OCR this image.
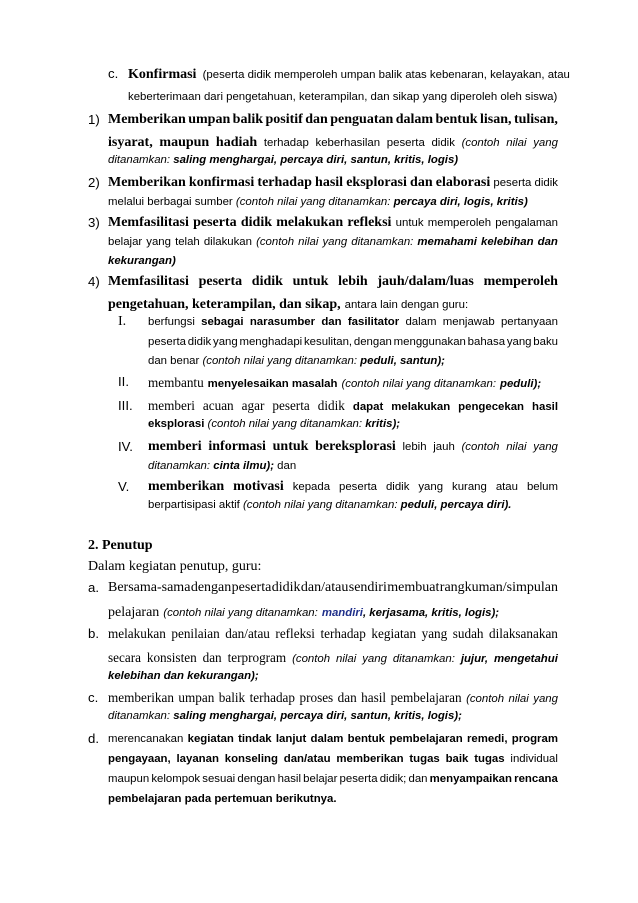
c. Konfirmasi (peserta didik memperoleh umpan balik atas kebenaran, kelayakan, atau
keberterimaan dari pengetahuan, keterampilan, dan sikap yang diperoleh oleh siswa)
1) Memberikan umpan balik positif dan penguatan dalam bentuk lisan, tulisan,
isyarat, maupun hadiah terhadap keberhasilan peserta didik (contoh nilai yang
ditanamkan: saling menghargai, percaya diri, santun, kritis, logis)
2) Memberikan konfirmasi terhadap hasil eksplorasi dan elaborasi peserta didik
melalui berbagai sumber (contoh nilai yang ditanamkan: percaya diri, logis, kritis)
3) Memfasilitasi peserta didik melakukan refleksi untuk memperoleh pengalaman
belajar yang telah dilakukan (contoh nilai yang ditanamkan: memahami kelebihan dan
kekurangan)
4) Memfasilitasi peserta didik untuk lebih jauh/dalam/luas memperoleh
pengetahuan, keterampilan, dan sikap, antara lain dengan guru:
I. berfungsi sebagai narasumber dan fasilitator dalam menjawab pertanyaan
peserta didik yang menghadapi kesulitan, dengan menggunakan bahasa yang baku
dan benar (contoh nilai yang ditanamkan: peduli, santun);
II. membantu menyelesaikan masalah (contoh nilai yang ditanamkan: peduli);
III. memberi acuan agar peserta didik dapat melakukan pengecekan hasil
eksplorasi (contoh nilai yang ditanamkan: kritis);
IV. memberi informasi untuk bereksplorasi lebih jauh (contoh nilai yang
ditanamkan: cinta ilmu); dan
V. memberikan motivasi kepada peserta didik yang kurang atau belum
berpartisipasi aktif (contoh nilai yang ditanamkan: peduli, percaya diri).
2. Penutup
Dalam kegiatan penutup, guru:
a. Bersama-sama dengan peserta didik dan/atau sendiri membuat rangkuman/simpulan
pelajaran (contoh nilai yang ditanamkan: mandiri, kerjasama, kritis, logis);
b. melakukan penilaian dan/atau refleksi terhadap kegiatan yang sudah dilaksanakan
secara konsisten dan terprogram (contoh nilai yang ditanamkan: jujur, mengetahui
kelebihan dan kekurangan);
c. memberikan umpan balik terhadap proses dan hasil pembelajaran (contoh nilai yang
ditanamkan: saling menghargai, percaya diri, santun, kritis, logis);
d. merencanakan kegiatan tindak lanjut dalam bentuk pembelajaran remedi, program
pengayaan, layanan konseling dan/atau memberikan tugas baik tugas individual
maupun kelompok sesuai dengan hasil belajar peserta didik; dan menyampaikan rencana
pembelajaran pada pertemuan berikutnya.
